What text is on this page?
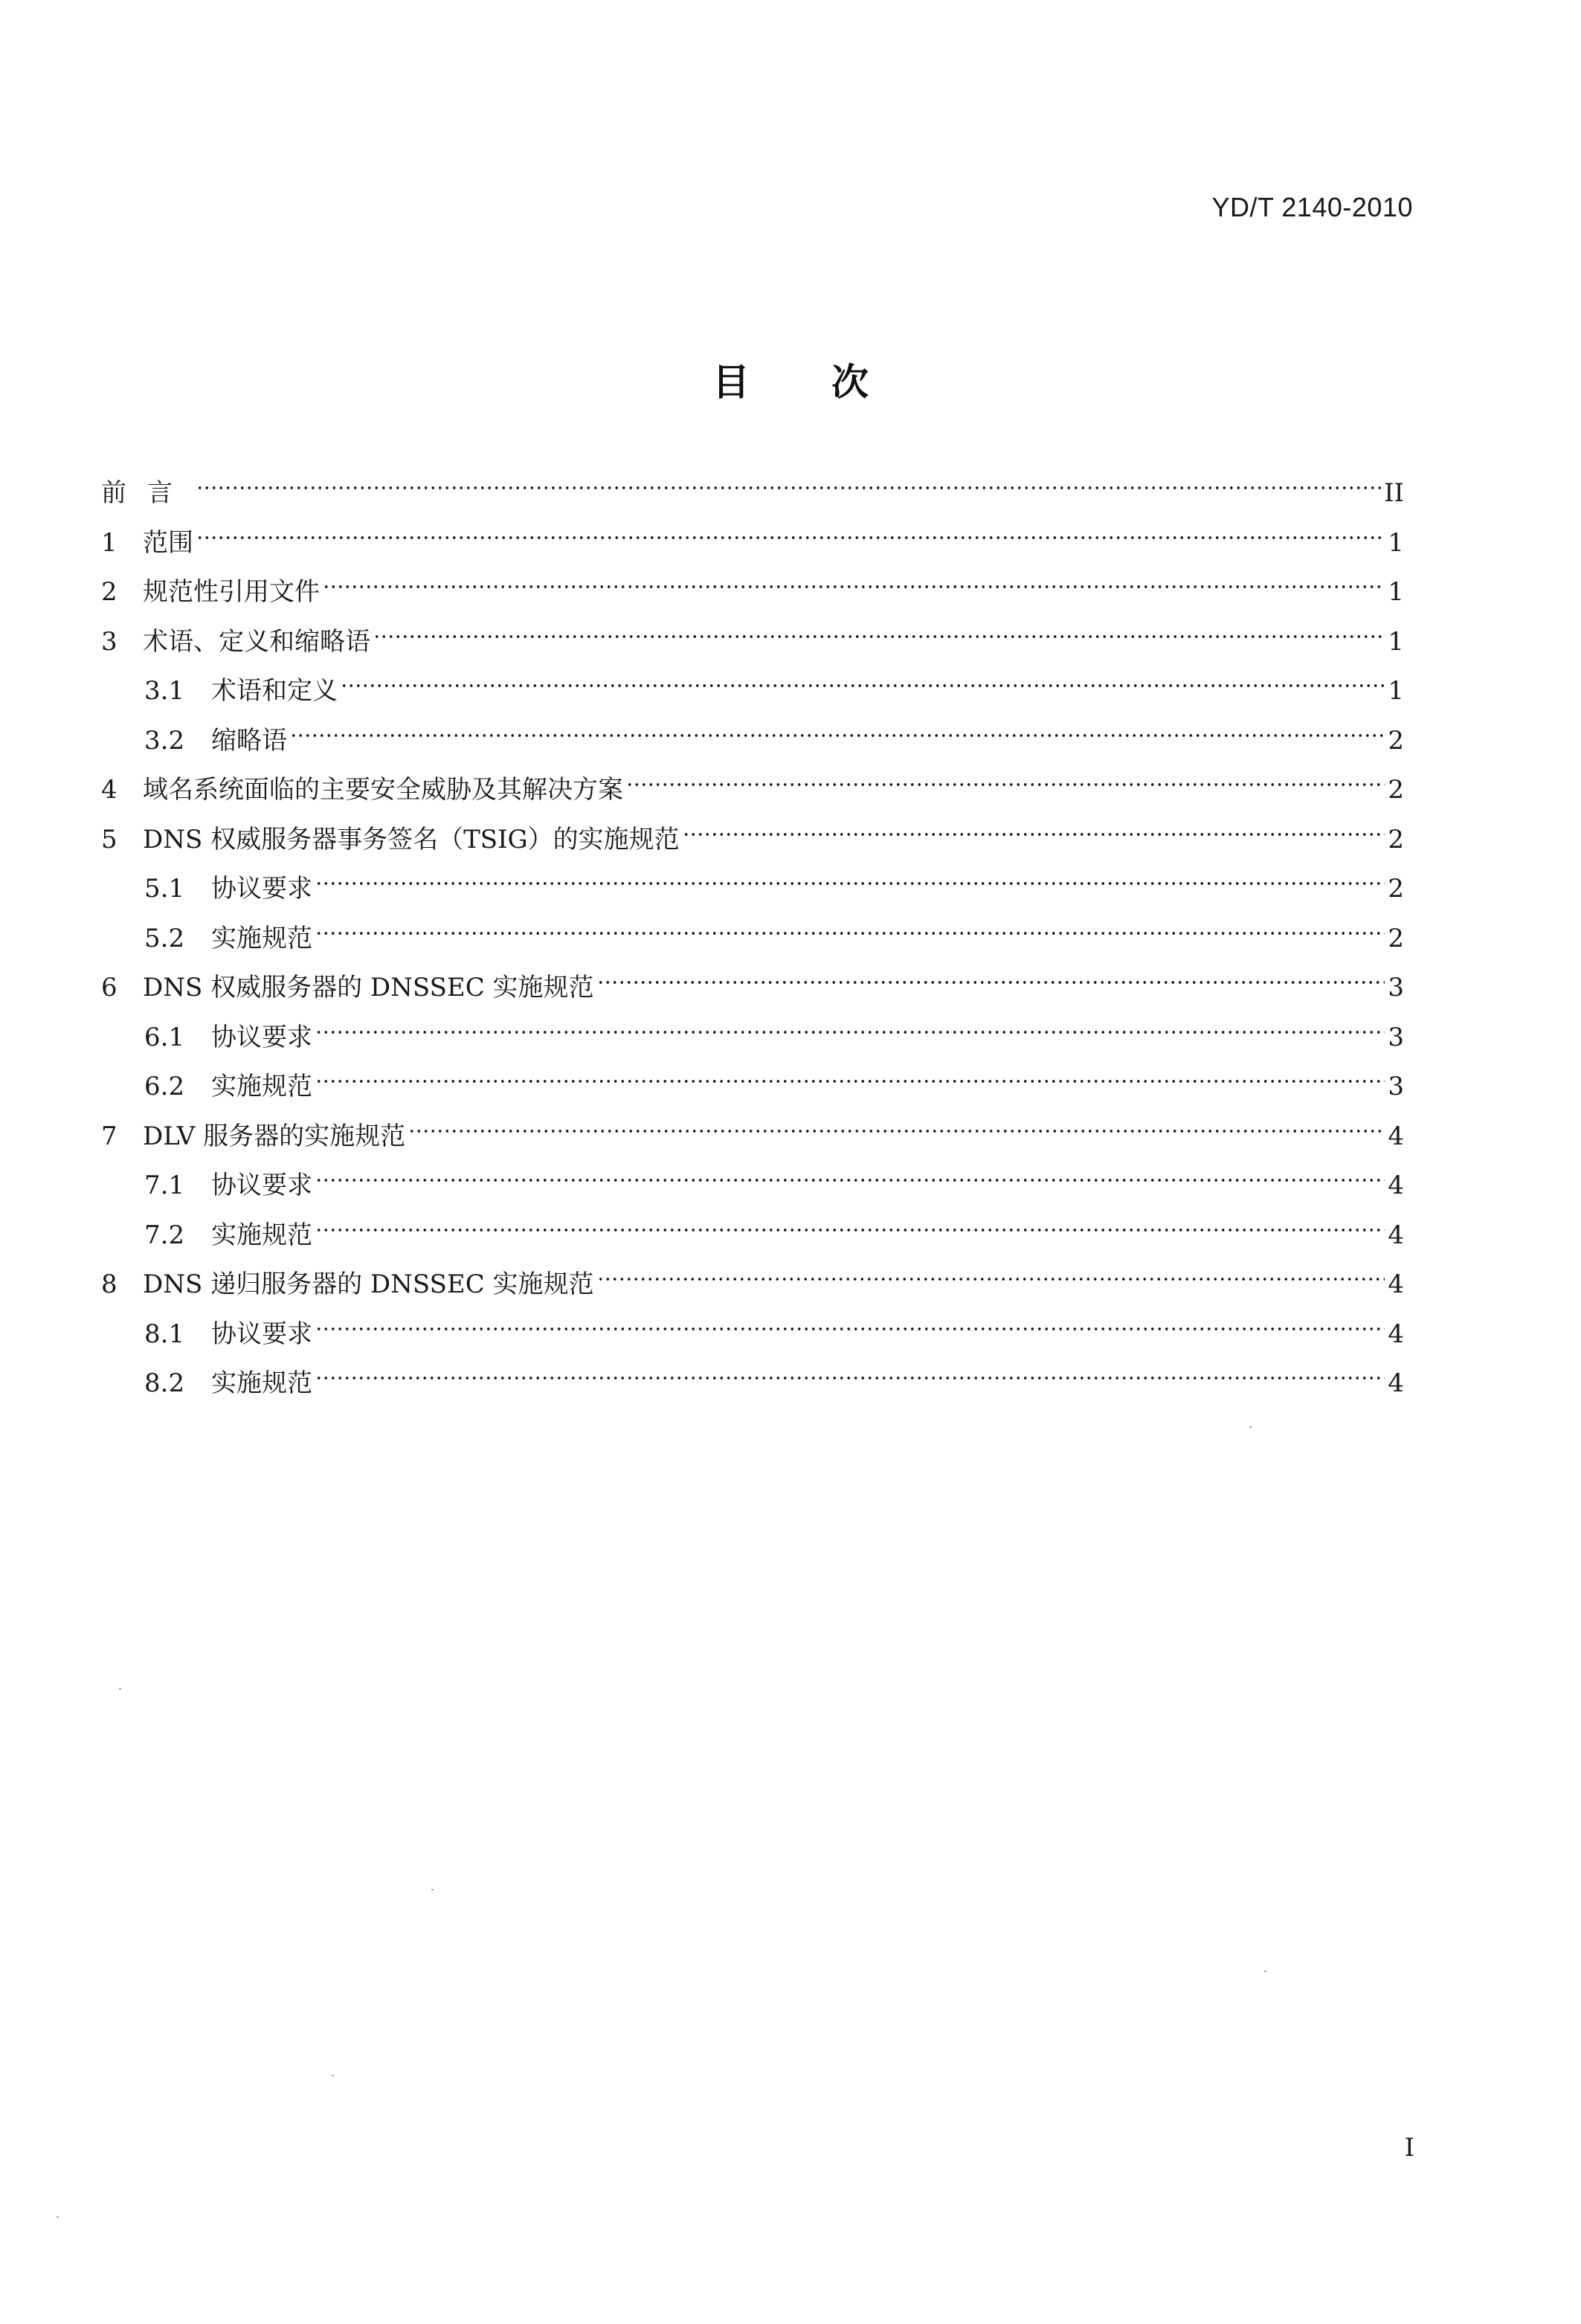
YD/T 2140-2010
目次
前言	II
1	范围	1
2	规范性引用文件	1
3	术语、定义和缩略语	1
3.1	术语和定义	1
3.2	缩略语	2
4	域名系统面临的主要安全威胁及其解决方案	2
5	DNS 权威服务器事务签名（TSIG）的实施规范	2
5.1	协议要求	2
5.2	实施规范	2
6	DNS 权威服务器的 DNSSEC 实施规范	3
6.1	协议要求	3
6.2	实施规范	3
7	DLV 服务器的实施规范	4
7.1	协议要求	4
7.2	实施规范	4
8	DNS 递归服务器的 DNSSEC 实施规范	4
8.1	协议要求	4
8.2	实施规范	4
I
